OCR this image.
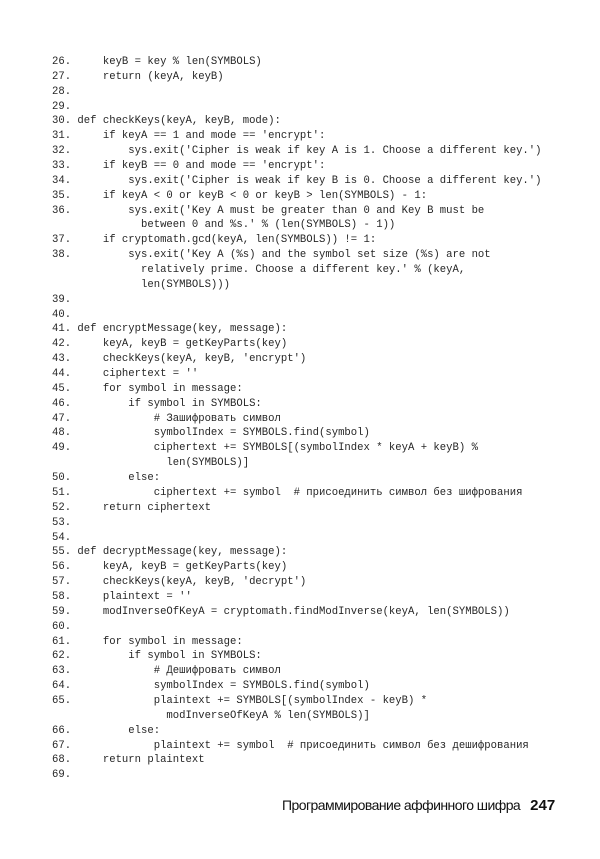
26.    keyB = key % len(SYMBOLS)
27.    return (keyA, keyB)
28.
29.
30. def checkKeys(keyA, keyB, mode):
31.    if keyA == 1 and mode == 'encrypt':
32.        sys.exit('Cipher is weak if key A is 1. Choose a different key.')
33.    if keyB == 0 and mode == 'encrypt':
34.        sys.exit('Cipher is weak if key B is 0. Choose a different key.')
35.    if keyA < 0 or keyB < 0 or keyB > len(SYMBOLS) - 1:
36.        sys.exit('Key A must be greater than 0 and Key B must be
between 0 and %s.' % (len(SYMBOLS) - 1))
37.    if cryptomath.gcd(keyA, len(SYMBOLS)) != 1:
38.        sys.exit('Key A (%s) and the symbol set size (%s) are not
relatively prime. Choose a different key.' % (keyA,
len(SYMBOLS)))
39.
40.
41. def encryptMessage(key, message):
42.    keyA, keyB = getKeyParts(key)
43.    checkKeys(keyA, keyB, 'encrypt')
44.    ciphertext = ''
45.    for symbol in message:
46.        if symbol in SYMBOLS:
47.            # Зашифровать символ
48.            symbolIndex = SYMBOLS.find(symbol)
49.            ciphertext += SYMBOLS[(symbolIndex * keyA + keyB) %
len(SYMBOLS)]
50.        else:
51.            ciphertext += symbol  # присоединить символ без шифрования
52.    return ciphertext
53.
54.
55. def decryptMessage(key, message):
56.    keyA, keyB = getKeyParts(key)
57.    checkKeys(keyA, keyB, 'decrypt')
58.    plaintext = ''
59.    modInverseOfKeyA = cryptomath.findModInverse(keyA, len(SYMBOLS))
60.
61.    for symbol in message:
62.        if symbol in SYMBOLS:
63.            # Дешифровать символ
64.            symbolIndex = SYMBOLS.find(symbol)
65.            plaintext += SYMBOLS[(symbolIndex - keyB) *
modInverseOfKeyA % len(SYMBOLS)]
66.        else:
67.            plaintext += symbol  # присоединить символ без дешифрования
68.    return plaintext
69.
Программирование аффинного шифра 247
